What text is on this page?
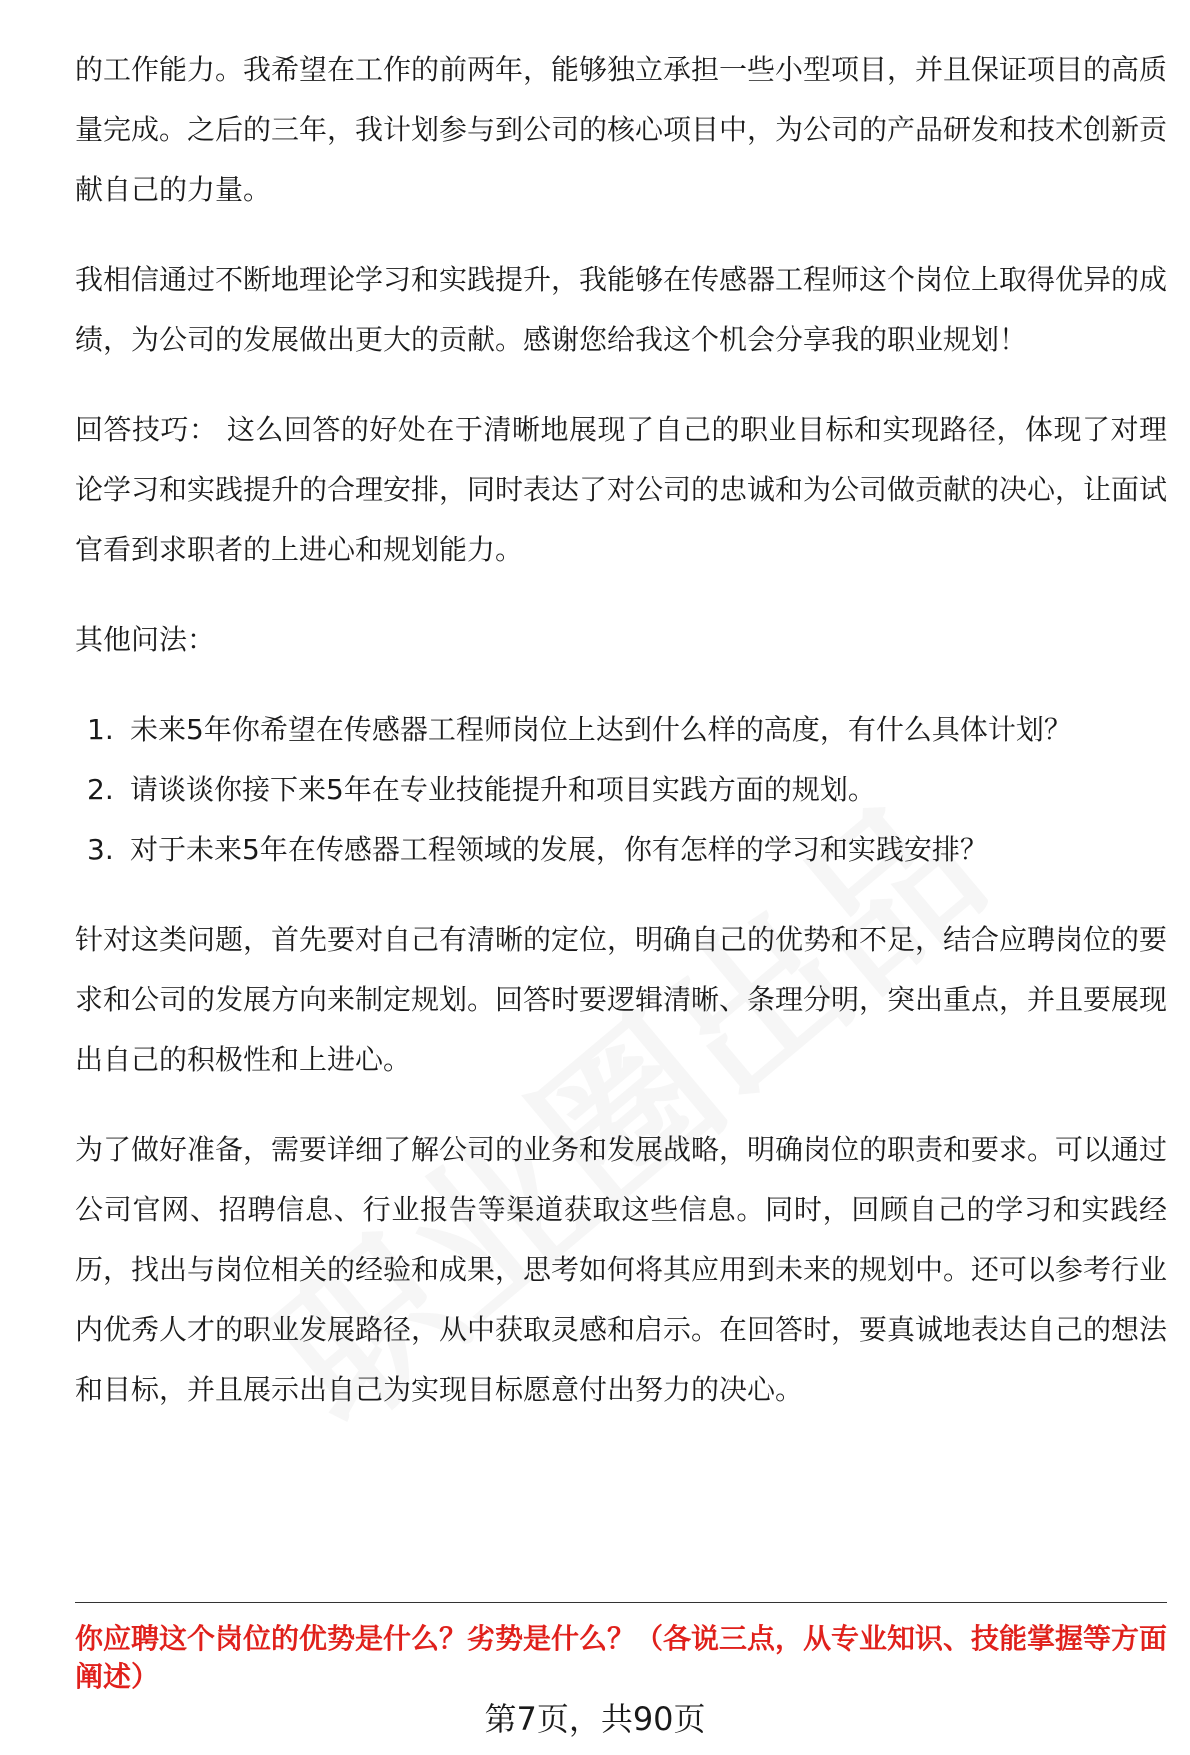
的工作能力。我希望在工作的前两年，能够独立承担一些小型项目，并且保证项目的高质量完成。之后的三年，我计划参与到公司的核心项目中，为公司的产品研发和技术创新贡献自己的力量。

我相信通过不断地理论学习和实践提升，我能够在传感器工程师这个岗位上取得优异的成绩，为公司的发展做出更大的贡献。感谢您给我这个机会分享我的职业规划！

回答技巧： 这么回答的好处在于清晰地展现了自己的职业目标和实现路径，体现了对理论学习和实践提升的合理安排，同时表达了对公司的忠诚和为公司做贡献的决心，让面试官看到求职者的上进心和规划能力。

其他问法：

1. 未来5年你希望在传感器工程师岗位上达到什么样的高度，有什么具体计划？
2. 请谈谈你接下来5年在专业技能提升和项目实践方面的规划。
3. 对于未来5年在传感器工程领域的发展，你有怎样的学习和实践安排？

针对这类问题，首先要对自己有清晰的定位，明确自己的优势和不足，结合应聘岗位的要求和公司的发展方向来制定规划。回答时要逻辑清晰、条理分明，突出重点，并且要展现出自己的积极性和上进心。

为了做好准备，需要详细了解公司的业务和发展战略，明确岗位的职责和要求。可以通过公司官网、招聘信息、行业报告等渠道获取这些信息。同时，回顾自己的学习和实践经历，找出与岗位相关的经验和成果，思考如何将其应用到未来的规划中。还可以参考行业内优秀人才的职业发展路径，从中获取灵感和启示。在回答时，要真诚地表达自己的想法和目标，并且展示出自己为实现目标愿意付出努力的决心。

你应聘这个岗位的优势是什么？劣势是什么？（各说三点，从专业知识、技能掌握等方面阐述）
第7页，共90页
